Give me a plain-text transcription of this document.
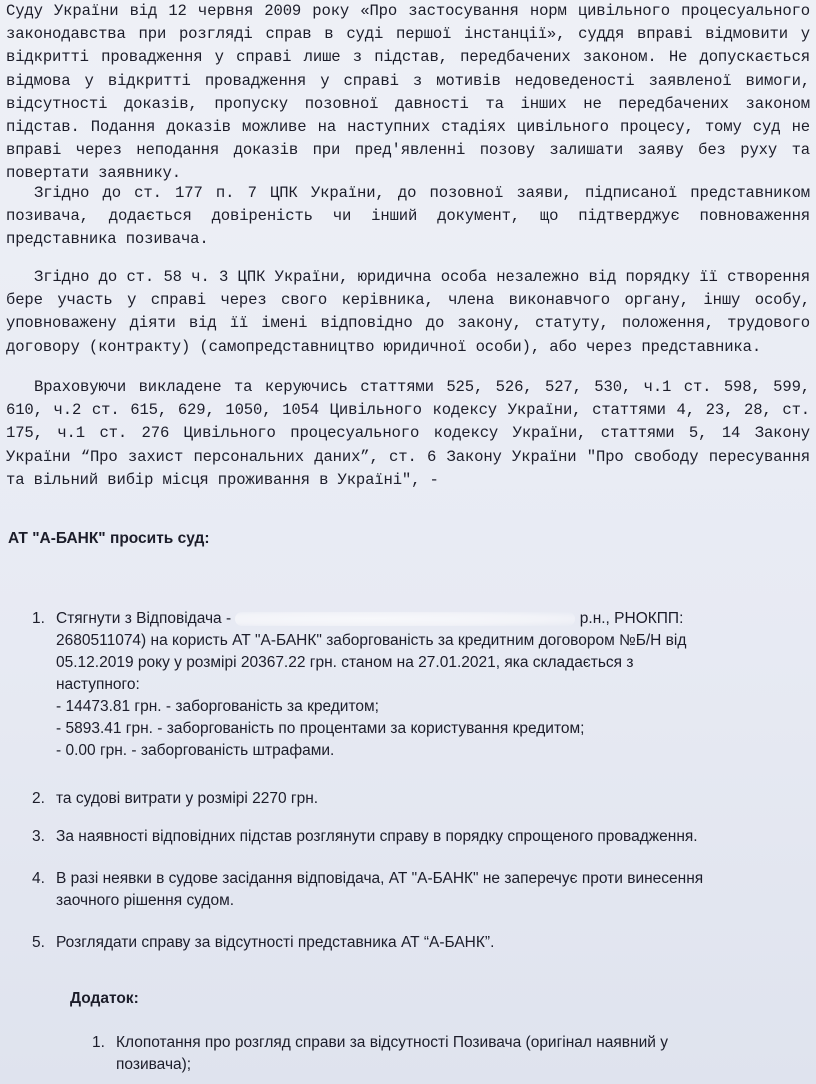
Суду України від 12 червня 2009 року «Про застосування норм цивільного процесуального законодавства при розгляді справ в суді першої інстанції», суддя вправі відмовити у відкритті провадження у справі лише з підстав, передбачених законом. Не допускається відмова у відкритті провадження у справі з мотивів недоведеності заявленої вимоги, відсутності доказів, пропуску позовної давності та інших не передбачених законом підстав. Подання доказів можливе на наступних стадіях цивільного процесу, тому суд не вправі через неподання доказів при пред'явленні позову залишати заяву без руху та повертати заявнику.

Згідно до ст. 177 п. 7 ЦПК України, до позовної заяви, підписаної представником позивача, додається довіреність чи інший документ, що підтверджує повноваження представника позивача.

Згідно до ст. 58 ч. 3 ЦПК України, юридична особа незалежно від порядку її створення бере участь у справі через свого керівника, члена виконавчого органу, іншу особу, уповноважену діяти від її імені відповідно до закону, статуту, положення, трудового договору (контракту) (самопредставництво юридичної особи), або через представника.

Враховуючи викладене та керуючись статтями 525, 526, 527, 530, ч.1 ст. 598, 599, 610, ч.2 ст. 615, 629, 1050, 1054 Цивільного кодексу України, статтями 4, 23, 28, ст. 175, ч.1 ст. 276 Цивільного процесуального кодексу України, статтями 5, 14 Закону України “Про захист персональних даних”, ст. 6 Закону України "Про свободу пересування та вільний вибір місця проживання в Україні", -

АТ "А-БАНК" просить суд:
1. Стягнути з Відповідача -	р.н., РНОКПП:
2680511074) на користь АТ "А-БАНК" заборгованість за кредитним договором №Б/Н від
05.12.2019 року у розмірі 20367.22 грн. станом на 27.01.2021, яка складається з
наступного:
- 14473.81 грн. - заборгованість за кредитом;
- 5893.41 грн. - заборгованість по процентами за користування кредитом;
- 0.00 грн. - заборгованість штрафами.
2. та судові витрати у розмірі 2270 грн.
3. За наявності відповідних підстав розглянути справу в порядку спрощеного провадження.
4. В разі неявки в судове засідання відповідача, АТ "А-БАНК" не заперечує проти винесення
заочного рішення судом.
5. Розглядати справу за відсутності представника АТ “А-БАНК”.
Додаток:
1. Клопотання про розгляд справи за відсутності Позивача (оригінал наявний у
позивача);
